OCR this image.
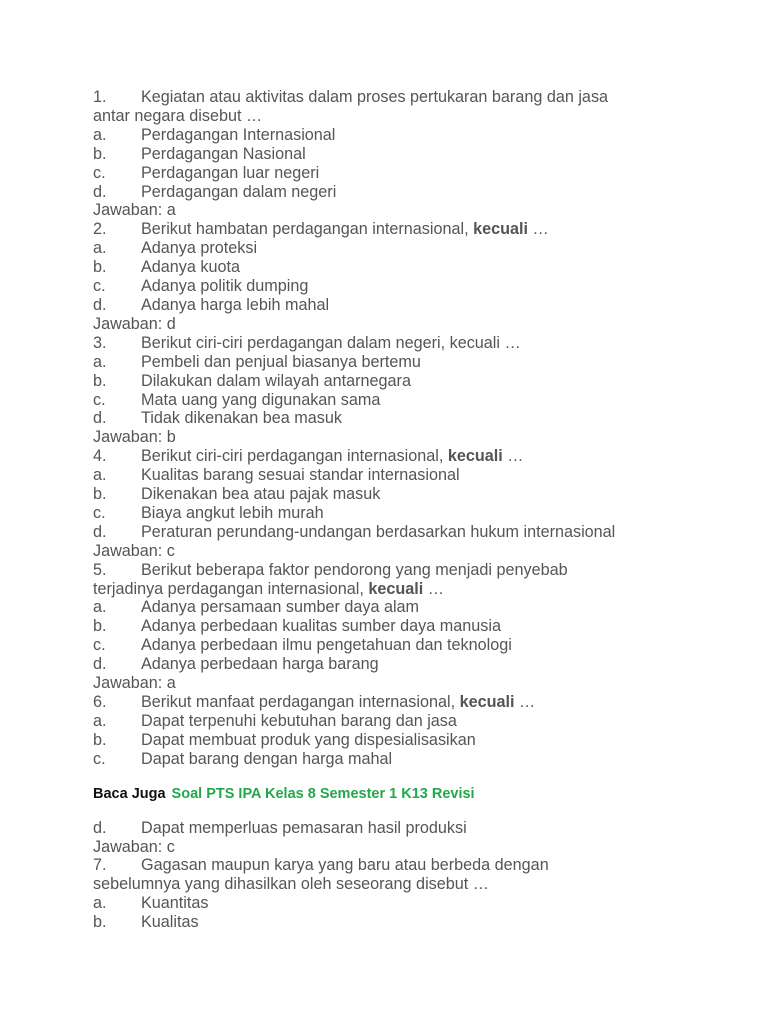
1. Kegiatan atau aktivitas dalam proses pertukaran barang dan jasa
antar negara disebut …
a. Perdagangan Internasional
b. Perdagangan Nasional
c. Perdagangan luar negeri
d. Perdagangan dalam negeri
Jawaban: a
2. Berikut hambatan perdagangan internasional, kecuali …
a. Adanya proteksi
b. Adanya kuota
c. Adanya politik dumping
d. Adanya harga lebih mahal
Jawaban: d
3. Berikut ciri-ciri perdagangan dalam negeri, kecuali …
a. Pembeli dan penjual biasanya bertemu
b. Dilakukan dalam wilayah antarnegara
c. Mata uang yang digunakan sama
d. Tidak dikenakan bea masuk
Jawaban: b
4. Berikut ciri-ciri perdagangan internasional, kecuali …
a. Kualitas barang sesuai standar internasional
b. Dikenakan bea atau pajak masuk
c. Biaya angkut lebih murah
d. Peraturan perundang-undangan berdasarkan hukum internasional
Jawaban: c
5. Berikut beberapa faktor pendorong yang menjadi penyebab
terjadinya perdagangan internasional, kecuali …
a. Adanya persamaan sumber daya alam
b. Adanya perbedaan kualitas sumber daya manusia
c. Adanya perbedaan ilmu pengetahuan dan teknologi
d. Adanya perbedaan harga barang
Jawaban: a
6. Berikut manfaat perdagangan internasional, kecuali …
a. Dapat terpenuhi kebutuhan barang dan jasa
b. Dapat membuat produk yang dispesialisasikan
c. Dapat barang dengan harga mahal
Baca Juga Soal PTS IPA Kelas 8 Semester 1 K13 Revisi
d. Dapat memperluas pemasaran hasil produksi
Jawaban: c
7. Gagasan maupun karya yang baru atau berbeda dengan
sebelumnya yang dihasilkan oleh seseorang disebut …
a. Kuantitas
b. Kualitas
